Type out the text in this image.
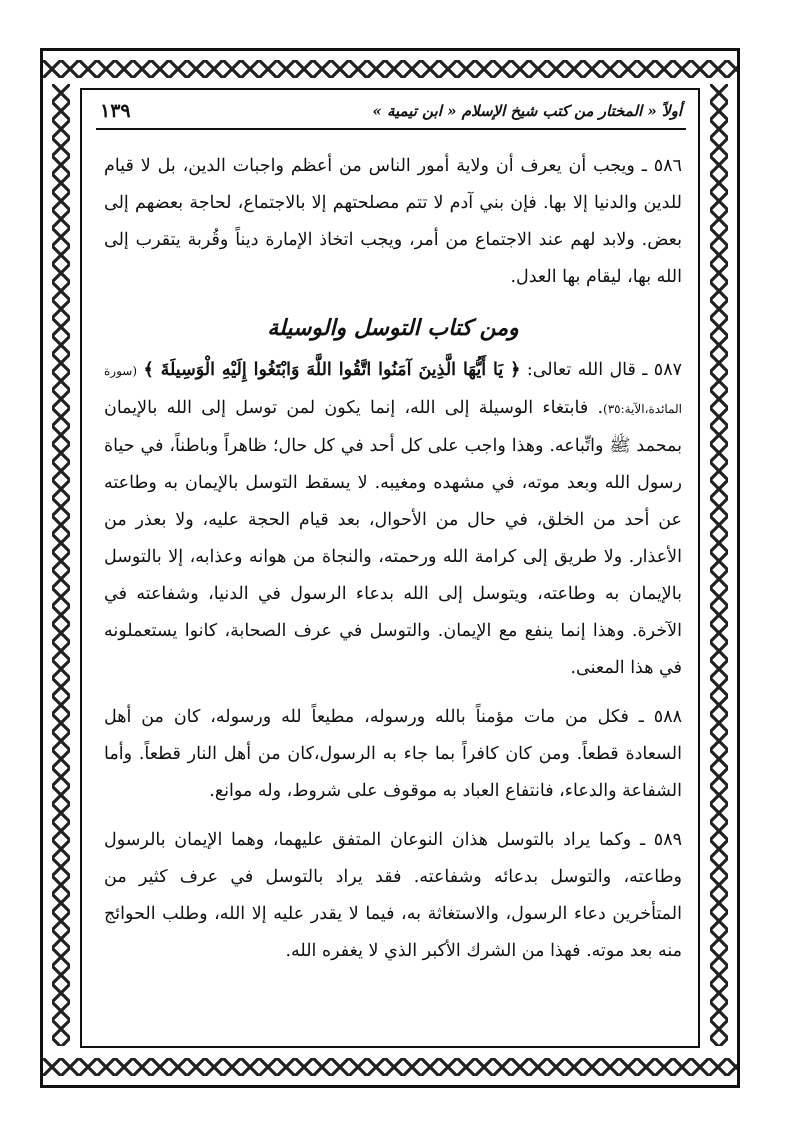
أولاً « المختار من كتب شيخ الإسلام « ابن تيمية »
١٣٩

٥٨٦ ـ ويجب أن يعرف أن ولاية أمور الناس من أعظم واجبات الدين، بل لا قيام للدين والدنيا إلا بها. فإن بني آدم لا تتم مصلحتهم إلا بالاجتماع، لحاجة بعضهم إلى بعض. ولابد لهم عند الاجتماع من أمر، ويجب اتخاذ الإمارة ديناً وقُربة يتقرب إلى الله بها، ليقام بها العدل.

ومن كتاب التوسل والوسيلة

٥٨٧ ـ قال الله تعالى: ﴿ يَا أَيُّهَا الَّذِينَ آمَنُوا اتَّقُوا اللَّهَ وَابْتَغُوا إِلَيْهِ الْوَسِيلَةَ ﴾ (سورة المائدة،الآية:٣٥). فابتغاء الوسيلة إلى الله، إنما يكون لمن توسل إلى الله بالإيمان بمحمد ﷺ واتِّباعه. وهذا واجب على كل أحد في كل حال؛ ظاهراً وباطناً، في حياة رسول الله وبعد موته، في مشهده ومغيبه. لا يسقط التوسل بالإيمان به وطاعته عن أحد من الخلق، في حال من الأحوال، بعد قيام الحجة عليه، ولا بعذر من الأعذار. ولا طريق إلى كرامة الله ورحمته، والنجاة من هوانه وعذابه، إلا بالتوسل بالإيمان به وطاعته، ويتوسل إلى الله بدعاء الرسول في الدنيا، وشفاعته في الآخرة. وهذا إنما ينفع مع الإيمان. والتوسل في عرف الصحابة، كانوا يستعملونه في هذا المعنى.

٥٨٨ ـ فكل من مات مؤمناً بالله ورسوله، مطيعاً لله ورسوله، كان من أهل السعادة قطعاً. ومن كان كافراً بما جاء به الرسول،كان من أهل النار قطعاً. وأما الشفاعة والدعاء، فانتفاع العباد به موقوف على شروط، وله موانع.

٥٨٩ ـ وكما يراد بالتوسل هذان النوعان المتفق عليهما، وهما الإيمان بالرسول وطاعته، والتوسل بدعائه وشفاعته. فقد يراد بالتوسل في عرف كثير من المتأخرين دعاء الرسول، والاستغاثة به، فيما لا يقدر عليه إلا الله، وطلب الحوائج منه بعد موته. فهذا من الشرك الأكبر الذي لا يغفره الله.
